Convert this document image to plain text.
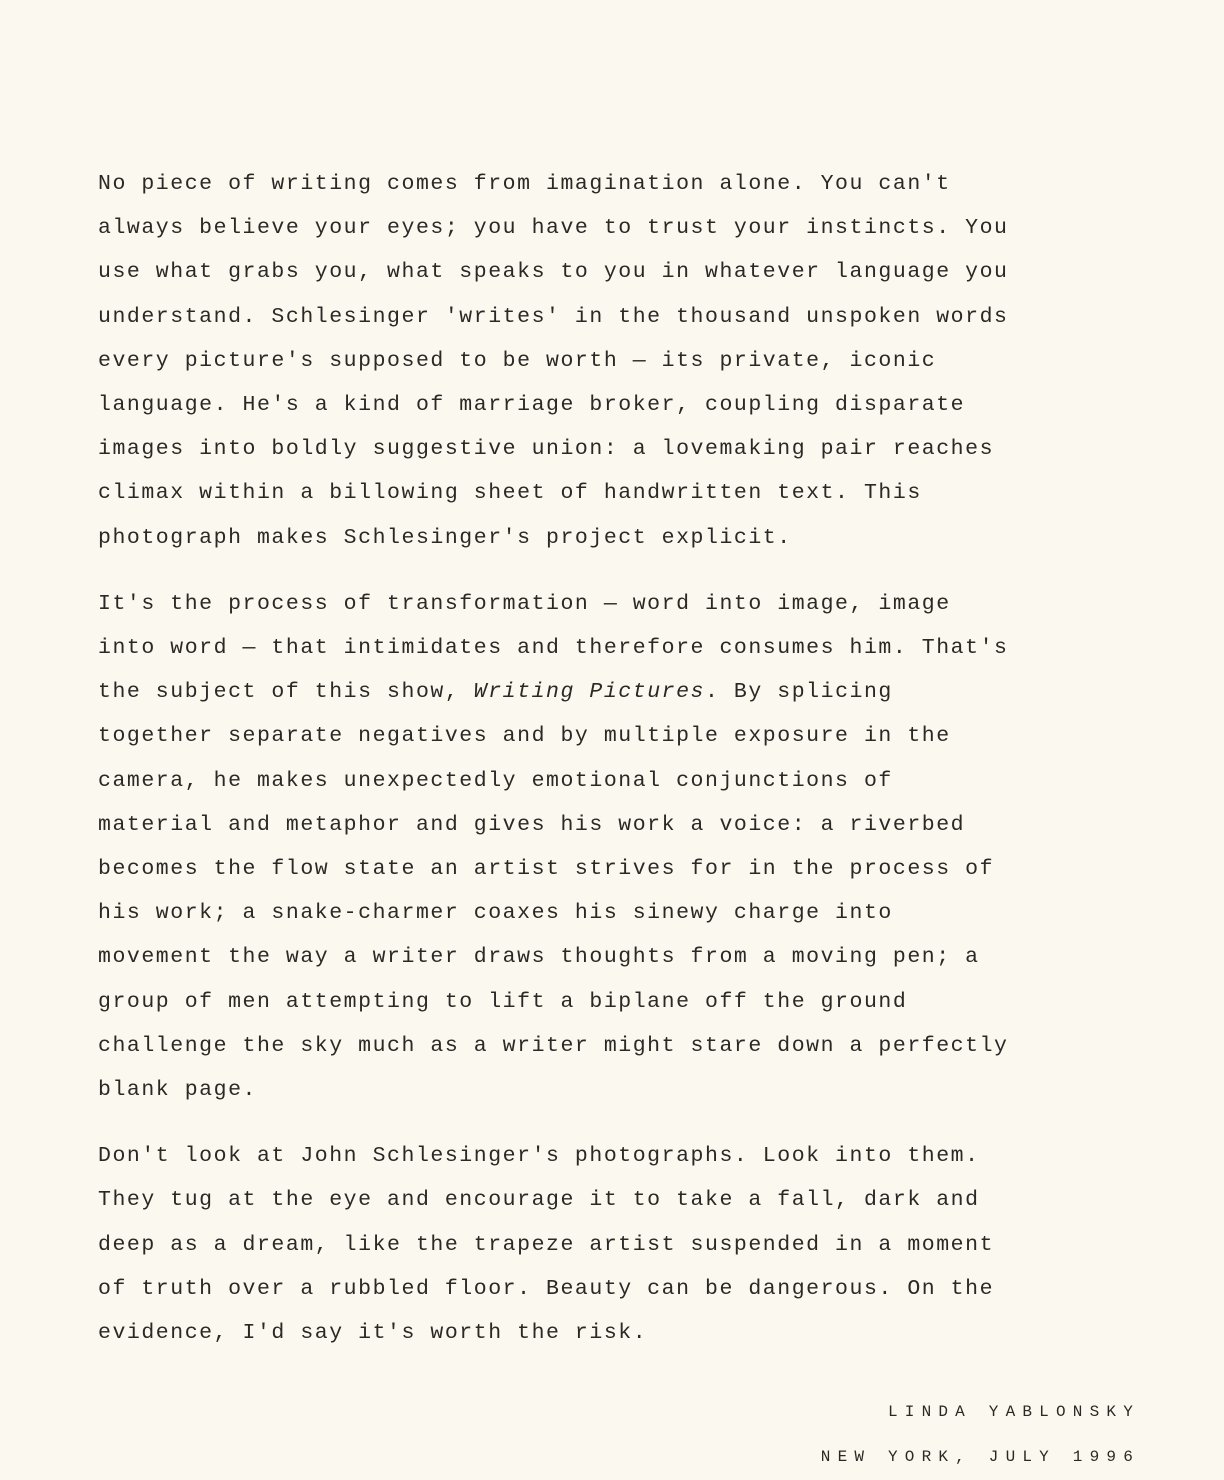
No piece of writing comes from imagination alone. You can't
always believe your eyes; you have to trust your instincts. You
use what grabs you, what speaks to you in whatever language you
understand. Schlesinger 'writes' in the thousand unspoken words
every picture's supposed to be worth — its private, iconic
language. He's a kind of marriage broker, coupling disparate
images into boldly suggestive union: a lovemaking pair reaches
climax within a billowing sheet of handwritten text. This
photograph makes Schlesinger's project explicit.
It's the process of transformation — word into image, image
into word — that intimidates and therefore consumes him. That's
the subject of this show, Writing Pictures. By splicing
together separate negatives and by multiple exposure in the
camera, he makes unexpectedly emotional conjunctions of
material and metaphor and gives his work a voice: a riverbed
becomes the flow state an artist strives for in the process of
his work; a snake-charmer coaxes his sinewy charge into
movement the way a writer draws thoughts from a moving pen; a
group of men attempting to lift a biplane off the ground
challenge the sky much as a writer might stare down a perfectly
blank page.
Don't look at John Schlesinger's photographs. Look into them.
They tug at the eye and encourage it to take a fall, dark and
deep as a dream, like the trapeze artist suspended in a moment
of truth over a rubbled floor. Beauty can be dangerous. On the
evidence, I'd say it's worth the risk.
LINDA YABLONSKY
NEW YORK, JULY 1996
